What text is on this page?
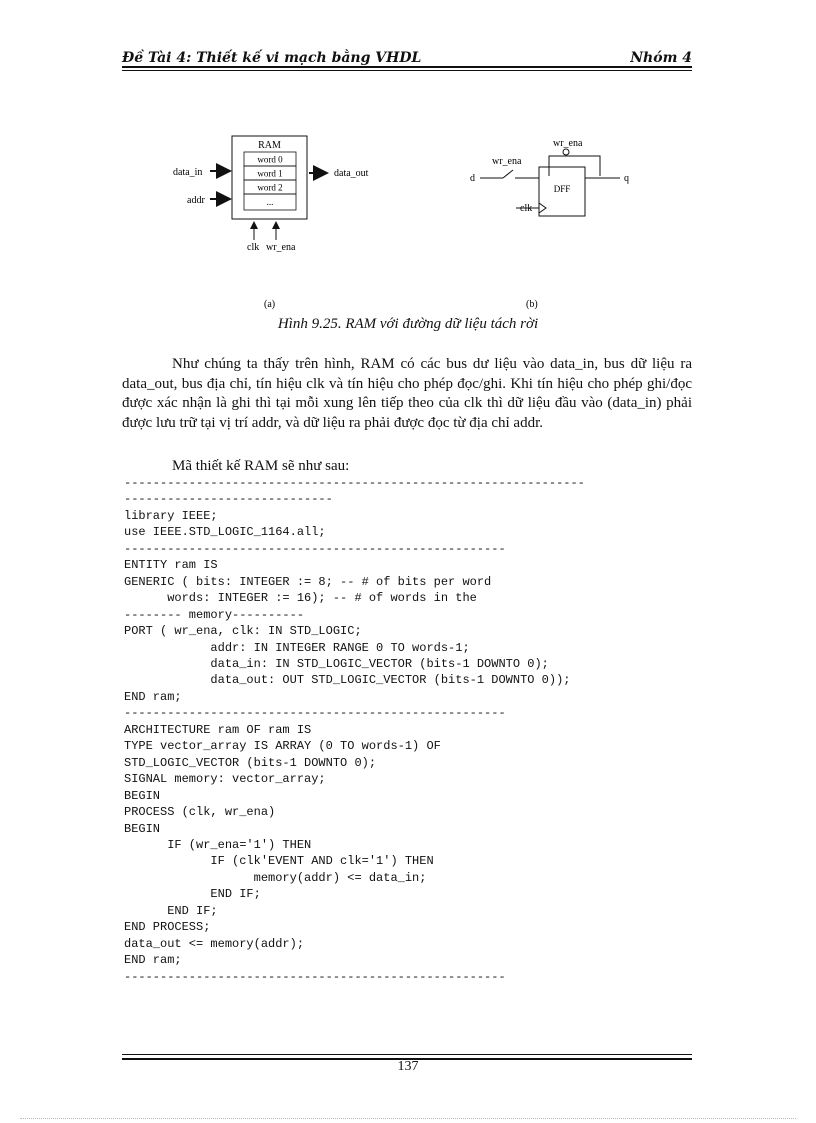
Đề Tài 4: Thiết kế vi mạch bằng VHDL	Nhóm 4
RAM
word 0
word 1
word 2
...
data_in
addr
data_out
clk wr_ena
wr_ena
wr_ena
d
DFF
q
clk
(a)	(b)
Hình 9.25. RAM với đường dữ liệu tách rời

Như chúng ta thấy trên hình, RAM có các bus dư liệu vào data_in, bus dữ liệu ra data_out, bus địa chỉ, tín hiệu clk và tín hiệu cho phép đọc/ghi. Khi tín hiệu cho phép ghi/đọc được xác nhận là ghi thì tại mỗi xung lên tiếp theo của clk thì dữ liệu đầu vào (data_in) phải được lưu trữ tại vị trí addr, và dữ liệu ra phải được đọc từ địa chỉ addr.

Mã thiết kế RAM sẽ như sau:

----------------------------------------------------------------
-----------------------------
library IEEE;
use IEEE.STD_LOGIC_1164.all;
-----------------------------------------------------
ENTITY ram IS
GENERIC ( bits: INTEGER := 8; -- # of bits per word
words: INTEGER := 16); -- # of words in the
-------- memory----------
PORT ( wr_ena, clk: IN STD_LOGIC;
addr: IN INTEGER RANGE 0 TO words-1;
data_in: IN STD_LOGIC_VECTOR (bits-1 DOWNTO 0);
data_out: OUT STD_LOGIC_VECTOR (bits-1 DOWNTO 0));
END ram;
-----------------------------------------------------
ARCHITECTURE ram OF ram IS
TYPE vector_array IS ARRAY (0 TO words-1) OF
STD_LOGIC_VECTOR (bits-1 DOWNTO 0);
SIGNAL memory: vector_array;
BEGIN
PROCESS (clk, wr_ena)
BEGIN
IF (wr_ena='1') THEN
IF (clk'EVENT AND clk='1') THEN
memory(addr) <= data_in;
END IF;
END IF;
END PROCESS;
data_out <= memory(addr);
END ram;
-----------------------------------------------------
137
